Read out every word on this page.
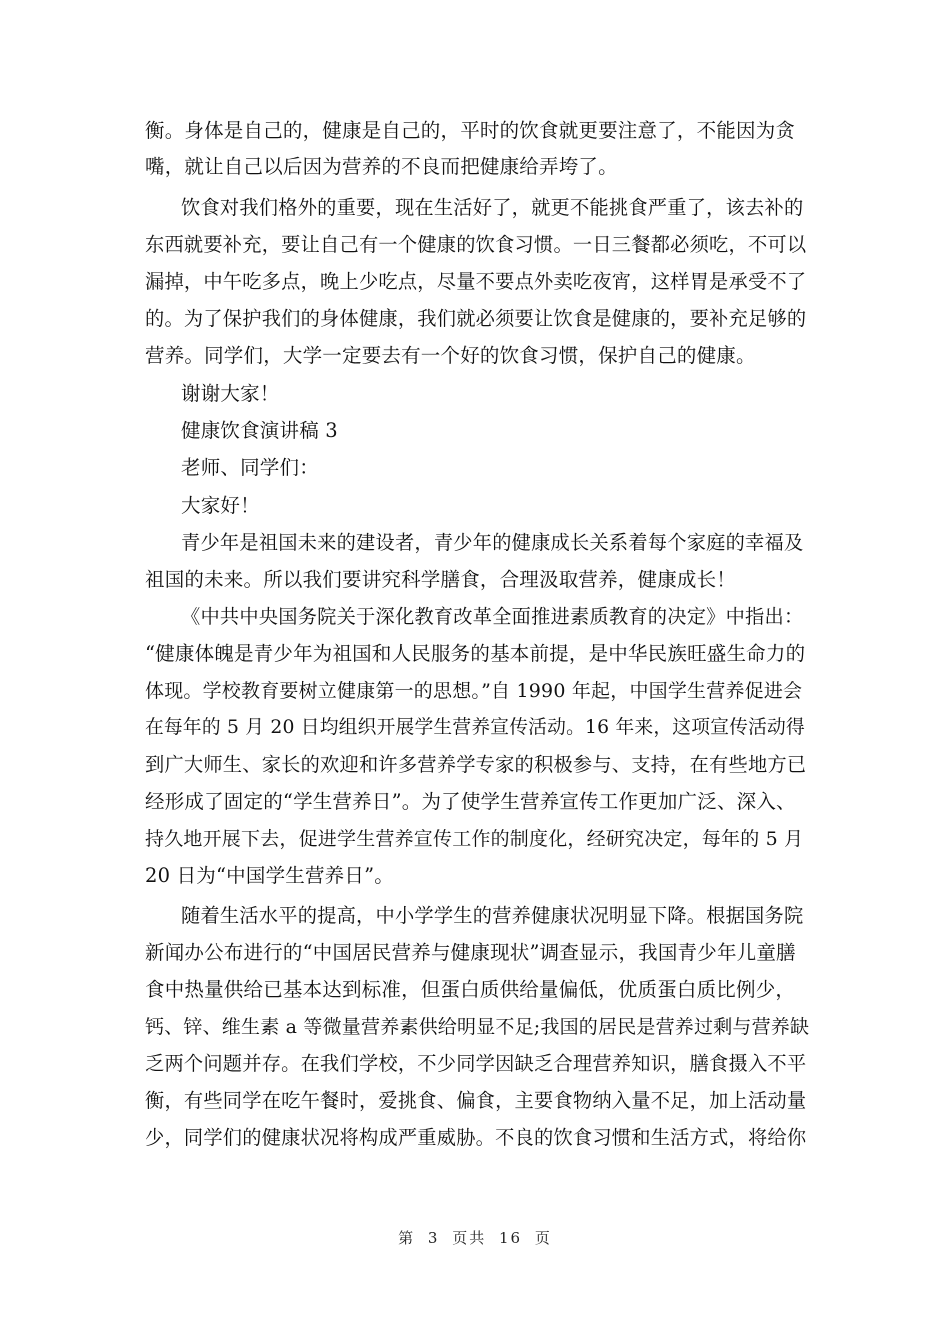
衡。身体是自己的，健康是自己的，平时的饮食就更要注意了，不能因为贪
嘴，就让自己以后因为营养的不良而把健康给弄垮了。
饮食对我们格外的重要，现在生活好了，就更不能挑食严重了，该去补的
东西就要补充，要让自己有一个健康的饮食习惯。一日三餐都必须吃，不可以
漏掉，中午吃多点，晚上少吃点，尽量不要点外卖吃夜宵，这样胃是承受不了
的。为了保护我们的身体健康，我们就必须要让饮食是健康的，要补充足够的
营养。同学们，大学一定要去有一个好的饮食习惯，保护自己的健康。
谢谢大家！
健康饮食演讲稿 3
老师、同学们：
大家好！
青少年是祖国未来的建设者，青少年的健康成长关系着每个家庭的幸福及
祖国的未来。所以我们要讲究科学膳食，合理汲取营养，健康成长！
《中共中央国务院关于深化教育改革全面推进素质教育的决定》中指出：
“健康体魄是青少年为祖国和人民服务的基本前提，是中华民族旺盛生命力的
体现。学校教育要树立健康第一的思想。”自 1990 年起，中国学生营养促进会
在每年的 5 月 20 日均组织开展学生营养宣传活动。16 年来，这项宣传活动得
到广大师生、家长的欢迎和许多营养学专家的积极参与、支持，在有些地方已
经形成了固定的“学生营养日”。为了使学生营养宣传工作更加广泛、深入、
持久地开展下去，促进学生营养宣传工作的制度化，经研究决定，每年的 5 月
20 日为“中国学生营养日”。
随着生活水平的提高，中小学学生的营养健康状况明显下降。根据国务院
新闻办公布进行的“中国居民营养与健康现状”调查显示，我国青少年儿童膳
食中热量供给已基本达到标准，但蛋白质供给量偏低，优质蛋白质比例少，
钙、锌、维生素 a 等微量营养素供给明显不足;我国的居民是营养过剩与营养缺
乏两个问题并存。在我们学校，不少同学因缺乏合理营养知识，膳食摄入不平
衡，有些同学在吃午餐时，爱挑食、偏食，主要食物纳入量不足，加上活动量
少，同学们的健康状况将构成严重威胁。不良的饮食习惯和生活方式，将给你
第 3 页共 16 页
